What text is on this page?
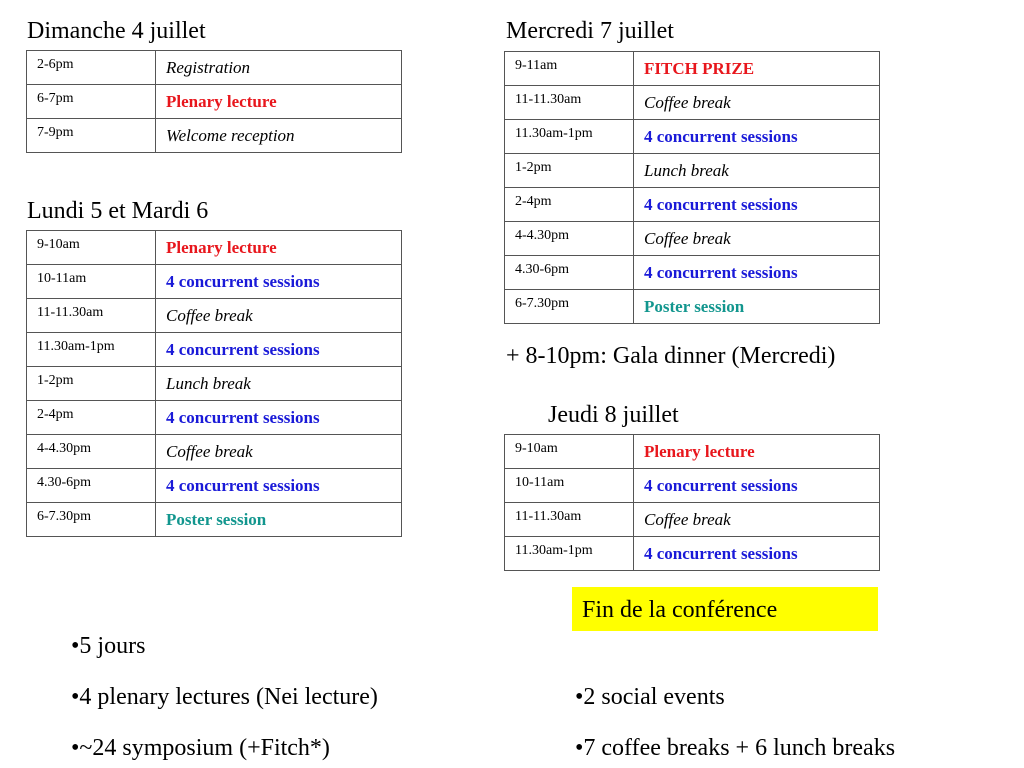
Dimanche 4 juillet
2-6pm	Registration
6-7pm	Plenary lecture
7-9pm	Welcome reception
Lundi 5 et Mardi 6
9-10am	Plenary lecture
10-11am	4 concurrent sessions
11-11.30am	Coffee break
11.30am-1pm	4 concurrent sessions
1-2pm	Lunch break
2-4pm	4 concurrent sessions
4-4.30pm	Coffee break
4.30-6pm	4 concurrent sessions
6-7.30pm	Poster session
Mercredi 7 juillet
9-11am	FITCH PRIZE
11-11.30am	Coffee break
11.30am-1pm	4 concurrent sessions
1-2pm	Lunch break
2-4pm	4 concurrent sessions
4-4.30pm	Coffee break
4.30-6pm	4 concurrent sessions
6-7.30pm	Poster session
+ 8-10pm: Gala dinner (Mercredi)
Jeudi 8 juillet
9-10am	Plenary lecture
10-11am	4 concurrent sessions
11-11.30am	Coffee break
11.30am-1pm	4 concurrent sessions
Fin de la conférence
•5 jours
•4 plenary lectures (Nei lecture)
•~24 symposium (+Fitch*)
•2 social events
•7 coffee breaks + 6 lunch breaks
